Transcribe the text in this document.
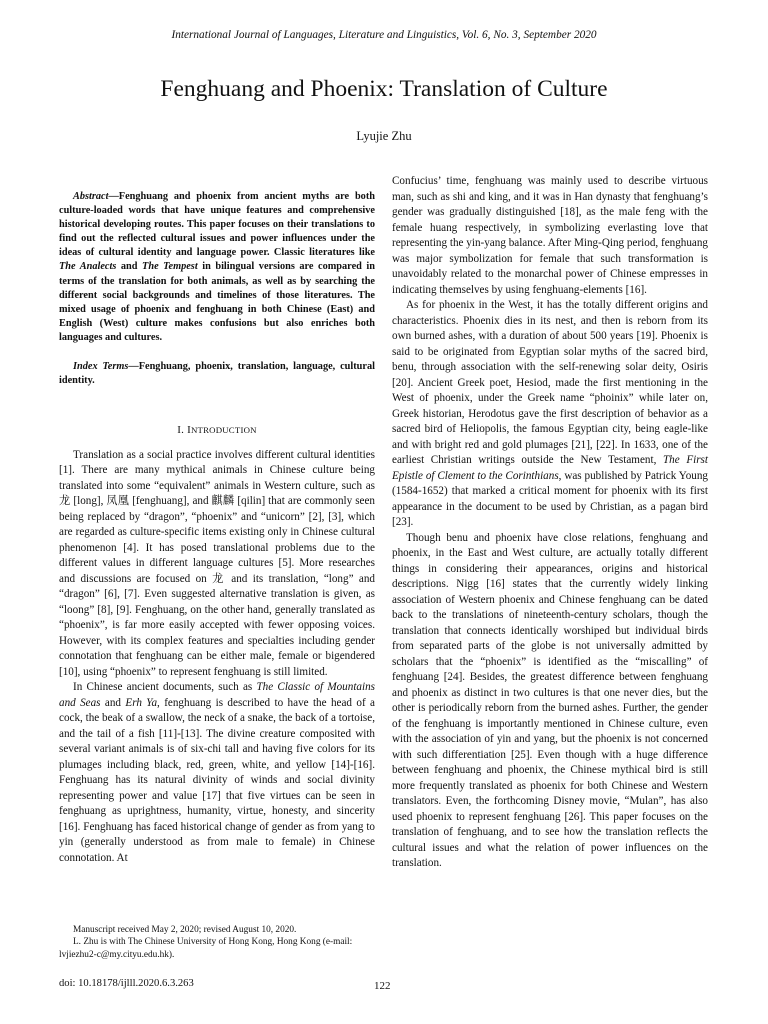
International Journal of Languages, Literature and Linguistics, Vol. 6, No. 3, September 2020
Fenghuang and Phoenix: Translation of Culture
Lyujie Zhu

Abstract—Fenghuang and phoenix from ancient myths are both culture-loaded words that have unique features and comprehensive historical developing routes. This paper focuses on their translations to find out the reflected cultural issues and power influences under the ideas of cultural identity and language power. Classic literatures like The Analects and The Tempest in bilingual versions are compared in terms of the translation for both animals, as well as by searching the different social backgrounds and timelines of those literatures. The mixed usage of phoenix and fenghuang in both Chinese (East) and English (West) culture makes confusions but also enriches both languages and cultures.

Index Terms—Fenghuang, phoenix, translation, language, cultural identity.

I. INTRODUCTION

Translation as a social practice involves different cultural identities [1]. There are many mythical animals in Chinese culture being translated into some “equivalent” animals in Western culture, such as 龙 [long], 凤凰 [fenghuang], and 麒麟 [qilin] that are commonly seen being replaced by “dragon”, “phoenix” and “unicorn” [2], [3], which are regarded as culture-specific items existing only in Chinese cultural phenomenon [4]. It has posed translational problems due to the different values in different language cultures [5]. More researches and discussions are focused on 龙 and its translation, “long” and “dragon” [6], [7]. Even suggested alternative translation is given, as “loong” [8], [9]. Fenghuang, on the other hand, generally translated as “phoenix”, is far more easily accepted with fewer opposing voices. However, with its complex features and specialties including gender connotation that fenghuang can be either male, female or bigendered [10], using “phoenix” to represent fenghuang is still limited.

In Chinese ancient documents, such as The Classic of Mountains and Seas and Erh Ya, fenghuang is described to have the head of a cock, the beak of a swallow, the neck of a snake, the back of a tortoise, and the tail of a fish [11]-[13]. The divine creature composited with several variant animals is of six-chi tall and having five colors for its plumages including black, red, green, white, and yellow [14]-[16]. Fenghuang has its natural divinity of winds and social divinity representing power and value [17] that five virtues can be seen in fenghuang as uprightness, humanity, virtue, honesty, and sincerity [16]. Fenghuang has faced historical change of gender as from yang to yin (generally understood as from male to female) in Chinese connotation. At

Confucius’ time, fenghuang was mainly used to describe virtuous man, such as shi and king, and it was in Han dynasty that fenghuang’s gender was gradually distinguished [18], as the male feng with the female huang respectively, in symbolizing everlasting love that representing the yin-yang balance. After Ming-Qing period, fenghuang was major symbolization for female that such transformation is unavoidably related to the monarchal power of Chinese empresses in indicating themselves by using fenghuang-elements [16].

As for phoenix in the West, it has the totally different origins and characteristics. Phoenix dies in its nest, and then is reborn from its own burned ashes, with a duration of about 500 years [19]. Phoenix is said to be originated from Egyptian solar myths of the sacred bird, benu, through association with the self-renewing solar deity, Osiris [20]. Ancient Greek poet, Hesiod, made the first mentioning in the West of phoenix, under the Greek name “phoinix” while later on, Greek historian, Herodotus gave the first description of behavior as a sacred bird of Heliopolis, the famous Egyptian city, being eagle-like and with bright red and gold plumages [21], [22]. In 1633, one of the earliest Christian writings outside the New Testament, The First Epistle of Clement to the Corinthians, was published by Patrick Young (1584-1652) that marked a critical moment for phoenix with its first appearance in the document to be used by Christian, as a pagan bird [23].

Though benu and phoenix have close relations, fenghuang and phoenix, in the East and West culture, are actually totally different things in considering their appearances, origins and historical descriptions. Nigg [16] states that the currently widely linking association of Western phoenix and Chinese fenghuang can be dated back to the translations of nineteenth-century scholars, though the translation that connects identically worshiped but individual birds from separated parts of the globe is not universally admitted by scholars that the “phoenix” is identified as the “miscalling” of fenghuang [24]. Besides, the greatest difference between fenghuang and phoenix as distinct in two cultures is that one never dies, but the other is periodically reborn from the burned ashes. Further, the gender of the fenghuang is importantly mentioned in Chinese culture, even with the association of yin and yang, but the phoenix is not concerned with such differentiation [25]. Even though with a huge difference between fenghuang and phoenix, the Chinese mythical bird is still more frequently translated as phoenix for both Chinese and Western translators. Even, the forthcoming Disney movie, “Mulan”, has also used phoenix to represent fenghuang [26]. This paper focuses on the translation of fenghuang, and to see how the translation reflects the cultural issues and what the relation of power influences on the translation.

Manuscript received May 2, 2020; revised August 10, 2020.

L. Zhu is with The Chinese University of Hong Kong, Hong Kong (e-mail: lvjiezhu2-c@my.cityu.edu.hk).

doi: 10.18178/ijlll.2020.6.3.263	122
